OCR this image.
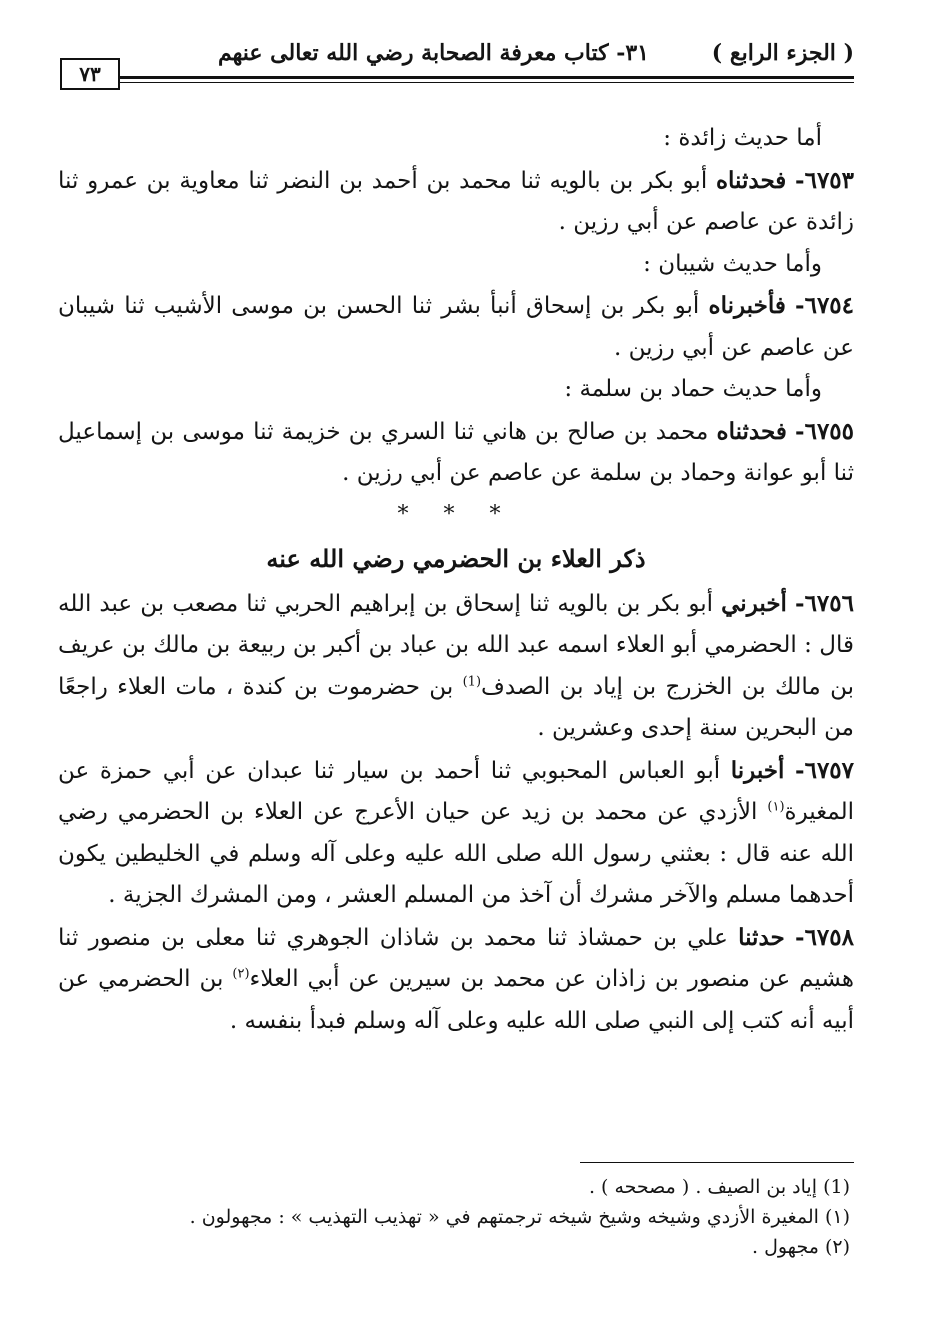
( الجزء الرابع )
٣١- كتاب معرفة الصحابة رضي الله تعالى عنهم
٧٣
أما حديث زائدة :
٦٧٥٣- فحدثناه أبو بكر بن بالويه ثنا محمد بن أحمد بن النضر ثنا معاوية بن عمرو ثنا زائدة عن عاصم عن أبي رزين .
وأما حديث شيبان :
٦٧٥٤- فأخبرناه أبو بكر بن إسحاق أنبأ بشر ثنا الحسن بن موسى الأشيب ثنا شيبان عن عاصم عن أبي رزين .
وأما حديث حماد بن سلمة :
٦٧٥٥- فحدثناه محمد بن صالح بن هاني ثنا السري بن خزيمة ثنا موسى بن إسماعيل ثنا أبو عوانة وحماد بن سلمة عن عاصم عن أبي رزين .
* * *
ذكر العلاء بن الحضرمي رضي الله عنه
٦٧٥٦- أخبرني أبو بكر بن بالويه ثنا إسحاق بن إبراهيم الحربي ثنا مصعب بن عبد الله قال : الحضرمي أبو العلاء اسمه عبد الله بن عباد بن أكبر بن ربيعة بن مالك بن عريف بن مالك بن الخزرج بن إياد بن الصدف$^{(1)}$ بن حضرموت بن كندة ، مات العلاء راجعًا من البحرين سنة إحدى وعشرين .
٦٧٥٧- أخبرنا أبو العباس المحبوبي ثنا أحمد بن سيار ثنا عبدان عن أبي حمزة عن المغيرة$^{(١)}$ الأزدي عن محمد بن زيد عن حيان الأعرج عن العلاء بن الحضرمي رضي الله عنه قال : بعثني رسول الله صلى الله عليه وعلى آله وسلم في الخليطين يكون أحدهما مسلم والآخر مشرك أن آخذ من المسلم العشر ، ومن المشرك الجزية .
٦٧٥٨- حدثنا علي بن حمشاذ ثنا محمد بن شاذان الجوهري ثنا معلى بن منصور ثنا هشيم عن منصور بن زاذان عن محمد بن سيرين عن أبي العلاء$^{(٢)}$ بن الحضرمي عن أبيه أنه كتب إلى النبي صلى الله عليه وعلى آله وسلم فبدأ بنفسه .
(1) إياد بن الصيف . ( مصححه ) .
(١) المغيرة الأزدي وشيخه وشيخ شيخه ترجمتهم في « تهذيب التهذيب » : مجهولون .
(٢) مجهول .
